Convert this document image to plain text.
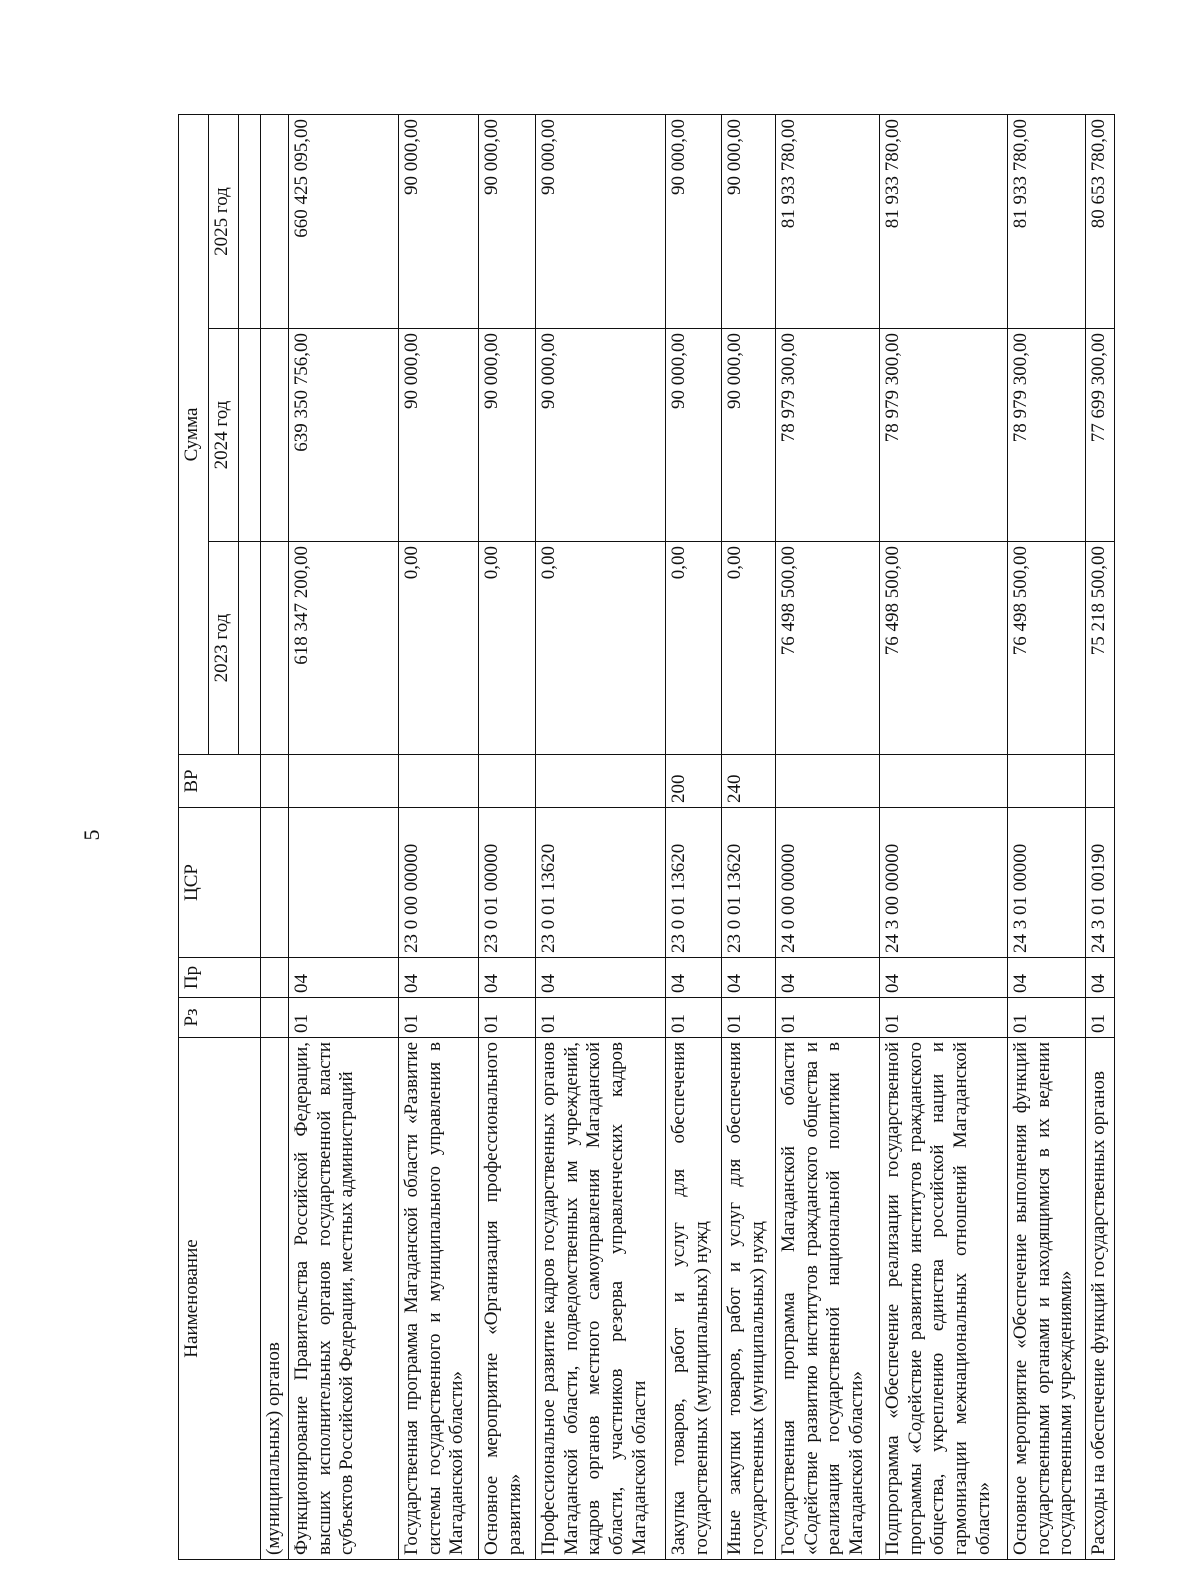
5
Наименование	Рз	Пр	ЦСР	ВР	Сумма		
					2023 год	2024 год	2025 год

(муниципальных) органов							
Функционирование Правительства Российской Федерации, высших исполнительных органов государственной власти субъектов Российской Федерации, местных администраций	01	04			618 347 200,00	639 350 756,00	660 425 095,00
Государственная программа Магаданской области «Развитие системы государственного и муниципального управления в Магаданской области»	01	04	23 0 00 00000		0,00	90 000,00	90 000,00
Основное мероприятие «Организация профессионального развития»	01	04	23 0 01 00000		0,00	90 000,00	90 000,00
Профессиональное развитие кадров государственных органов Магаданской области, подведомственных им учреждений, кадров органов местного самоуправления Магаданской области, участников резерва управленческих кадров Магаданской области	01	04	23 0 01 13620		0,00	90 000,00	90 000,00
Закупка товаров, работ и услуг для обеспечения государственных (муниципальных) нужд	01	04	23 0 01 13620	200	0,00	90 000,00	90 000,00
Иные закупки товаров, работ и услуг для обеспечения государственных (муниципальных) нужд	01	04	23 0 01 13620	240	0,00	90 000,00	90 000,00
Государственная программа Магаданской области «Содействие развитию институтов гражданского общества и реализация государственной национальной политики в Магаданской области»	01	04	24 0 00 00000		76 498 500,00	78 979 300,00	81 933 780,00
Подпрограмма «Обеспечение реализации государственной программы «Содействие развитию институтов гражданского общества, укреплению единства российской нации и гармонизации межнациональных отношений Магаданской области»	01	04	24 3 00 00000		76 498 500,00	78 979 300,00	81 933 780,00
Основное мероприятие «Обеспечение выполнения функций государственными органами и находящимися в их ведении государственными учреждениями»	01	04	24 3 01 00000		76 498 500,00	78 979 300,00	81 933 780,00
Расходы на обеспечение функций государственных органов	01	04	24 3 01 00190		75 218 500,00	77 699 300,00	80 653 780,00
